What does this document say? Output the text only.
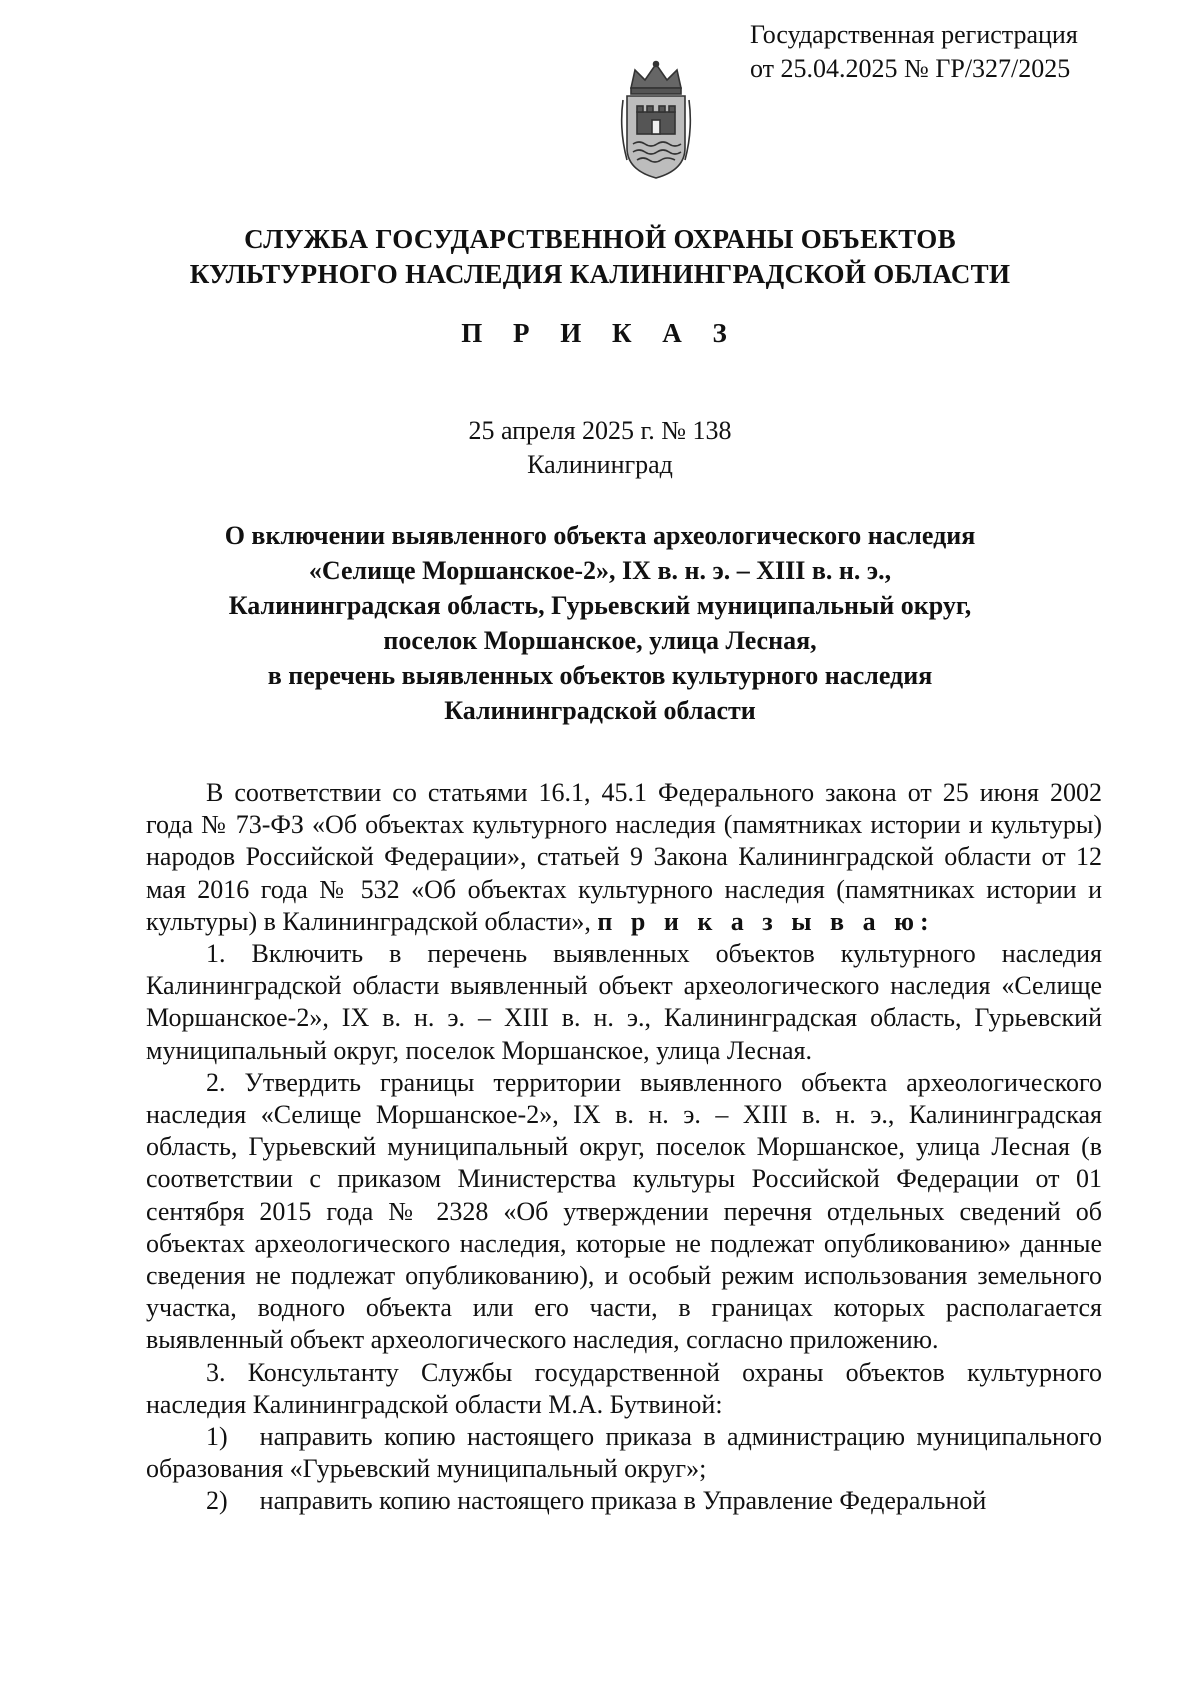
Государственная регистрация
от 25.04.2025 № ГР/327/2025
СЛУЖБА ГОСУДАРСТВЕННОЙ ОХРАНЫ ОБЪЕКТОВ
КУЛЬТУРНОГО НАСЛЕДИЯ КАЛИНИНГРАДСКОЙ ОБЛАСТИ
П Р И К А З
25 апреля 2025 г. № 138
Калининград
О включении выявленного объекта археологического наследия
«Селище Моршанское-2», IX в. н. э. – XIII в. н. э.,
Калининградская область, Гурьевский муниципальный округ,
поселок Моршанское, улица Лесная,
в перечень выявленных объектов культурного наследия
Калининградской области

В соответствии со статьями 16.1, 45.1 Федерального закона от 25 июня 2002 года № 73-ФЗ «Об объектах культурного наследия (памятниках истории и культуры) народов Российской Федерации», статьей 9 Закона Калининградской области от 12 мая 2016 года № 532 «Об объектах культурного наследия (памятниках истории и культуры) в Калининградской области», п р и к а з ы в а ю:

1. Включить в перечень выявленных объектов культурного наследия Калининградской области выявленный объект археологического наследия «Селище Моршанское-2», IX в. н. э. – XIII в. н. э., Калининградская область, Гурьевский муниципальный округ, поселок Моршанское, улица Лесная.

2. Утвердить границы территории выявленного объекта археологического наследия «Селище Моршанское-2», IX в. н. э. – XIII в. н. э., Калининградская область, Гурьевский муниципальный округ, поселок Моршанское, улица Лесная (в соответствии с приказом Министерства культуры Российской Федерации от 01 сентября 2015 года № 2328 «Об утверждении перечня отдельных сведений об объектах археологического наследия, которые не подлежат опубликованию» данные сведения не подлежат опубликованию), и особый режим использования земельного участка, водного объекта или его части, в границах которых располагается выявленный объект археологического наследия, согласно приложению.

3. Консультанту Службы государственной охраны объектов культурного наследия Калининградской области М.А. Бутвиной:

1) направить копию настоящего приказа в администрацию муниципального образования «Гурьевский муниципальный округ»;

2) направить копию настоящего приказа в Управление Федеральной
